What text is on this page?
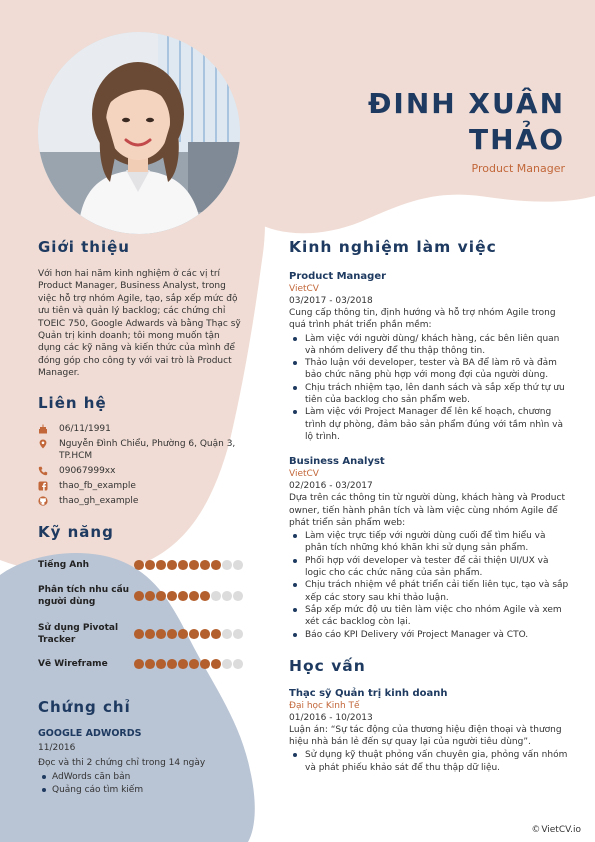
ĐINH XUÂN
THẢO
Product Manager
Giới thiệu
Với hơn hai năm kinh nghiệm ở các vị trí Product Manager, Business Analyst, trong việc hỗ trợ nhóm Agile, tạo, sắp xếp mức độ ưu tiên và quản lý backlog; các chứng chỉ TOEIC 750, Google Adwards và bằng Thạc sỹ Quản trị kinh doanh; tôi mong muốn tận dụng các kỹ năng và kiến thức của mình để đóng góp cho công ty với vai trò là Product Manager.
Liên hệ
06/11/1991
Nguyễn Đình Chiểu, Phường 6, Quận 3, TP.HCM
09067999xx
thao_fb_example
thao_gh_example
Kỹ năng
Tiếng Anh
Phân tích nhu cầu người dùng
Sử dụng Pivotal Tracker
Vẽ Wireframe
Chứng chỉ
GOOGLE ADWORDS
11/2016
Đọc và thi 2 chứng chỉ trong 14 ngày
AdWords căn bản
Quảng cáo tìm kiếm
Kinh nghiệm làm việc
Product Manager
VietCV
03/2017 - 03/2018
Cung cấp thông tin, định hướng và hỗ trợ nhóm Agile trong quá trình phát triển phần mềm:
Làm việc với người dùng/ khách hàng, các bên liên quan và nhóm delivery để thu thập thông tin.
Thảo luận với developer, tester và BA để làm rõ và đảm bảo chức năng phù hợp với mong đợi của người dùng.
Chịu trách nhiệm tạo, lên danh sách và sắp xếp thứ tự ưu tiên của backlog cho sản phẩm web.
Làm việc với Project Manager để lên kế hoạch, chương trình dự phòng, đảm bảo sản phẩm đúng với tầm nhìn và lộ trình.
Business Analyst
VietCV
02/2016 - 03/2017
Dựa trên các thông tin từ người dùng, khách hàng và Product owner, tiến hành phân tích và làm việc cùng nhóm Agile để phát triển sản phẩm web:
Làm việc trực tiếp với người dùng cuối để tìm hiểu và phân tích những khó khăn khi sử dụng sản phẩm.
Phối hợp với developer và tester để cải thiện UI/UX và logic cho các chức năng của sản phẩm.
Chịu trách nhiệm về phát triển cải tiến liên tục, tạo và sắp xếp các story sau khi thảo luận.
Sắp xếp mức độ ưu tiên làm việc cho nhóm Agile và xem xét các backlog còn lại.
Báo cáo KPI Delivery với Project Manager và CTO.
Học vấn
Thạc sỹ Quản trị kinh doanh
Đại học Kinh Tế
01/2016 - 10/2013
Luận án: “Sự tác động của thương hiệu điện thoại và thương hiệu nhà bán lẻ đến sự quay lại của người tiêu dùng”.
Sử dụng kỹ thuật phỏng vấn chuyên gia, phỏng vấn nhóm và phát phiếu khảo sát để thu thập dữ liệu.
© VietCV.io
